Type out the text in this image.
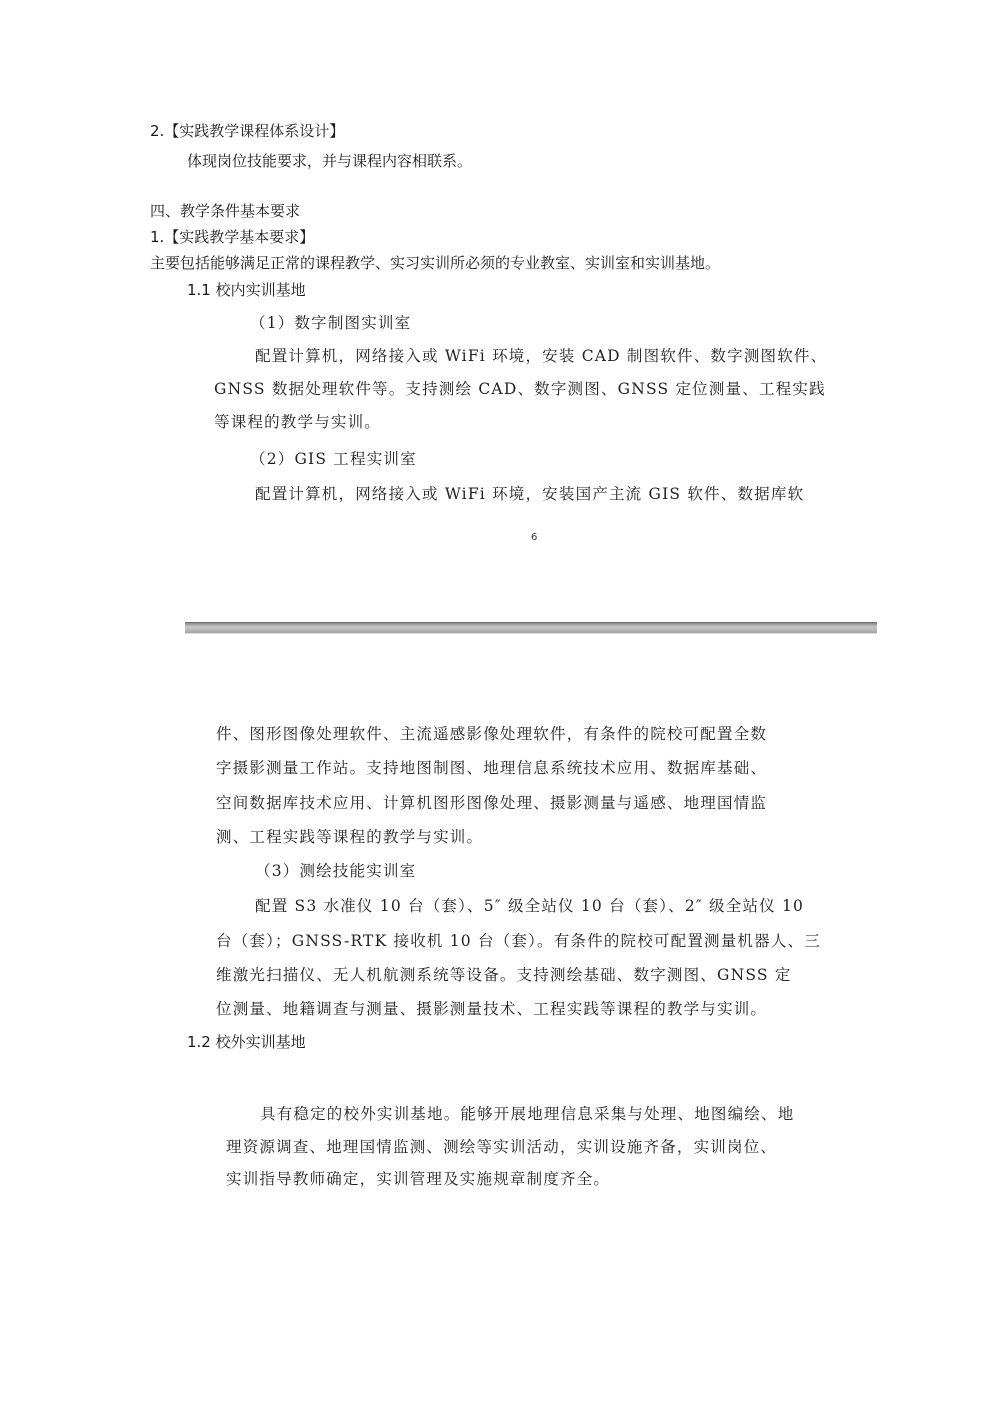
2.【实践教学课程体系设计】

体现岗位技能要求，并与课程内容相联系。

四、教学条件基本要求

1.【实践教学基本要求】

主要包括能够满足正常的课程教学、实习实训所必须的专业教室、实训室和实训基地。

1.1 校内实训基地

（1）数字制图实训室

配置计算机，网络接入或 WiFi 环境，安装 CAD 制图软件、数字测图软件、

GNSS 数据处理软件等。支持测绘 CAD、数字测图、GNSS 定位测量、工程实践

等课程的教学与实训。

（2）GIS 工程实训室

配置计算机，网络接入或 WiFi 环境，安装国产主流 GIS 软件、数据库软

6

件、图形图像处理软件、主流遥感影像处理软件，有条件的院校可配置全数

字摄影测量工作站。支持地图制图、地理信息系统技术应用、数据库基础、

空间数据库技术应用、计算机图形图像处理、摄影测量与遥感、地理国情监

测、工程实践等课程的教学与实训。

（3）测绘技能实训室

配置 S3 水准仪 10 台（套）、5″ 级全站仪 10 台（套）、2″ 级全站仪 10

台（套）；GNSS-RTK 接收机 10 台（套）。有条件的院校可配置测量机器人、三

维激光扫描仪、无人机航测系统等设备。支持测绘基础、数字测图、GNSS 定

位测量、地籍调查与测量、摄影测量技术、工程实践等课程的教学与实训。

1.2 校外实训基地

具有稳定的校外实训基地。能够开展地理信息采集与处理、地图编绘、地

理资源调查、地理国情监测、测绘等实训活动，实训设施齐备，实训岗位、

实训指导教师确定，实训管理及实施规章制度齐全。
